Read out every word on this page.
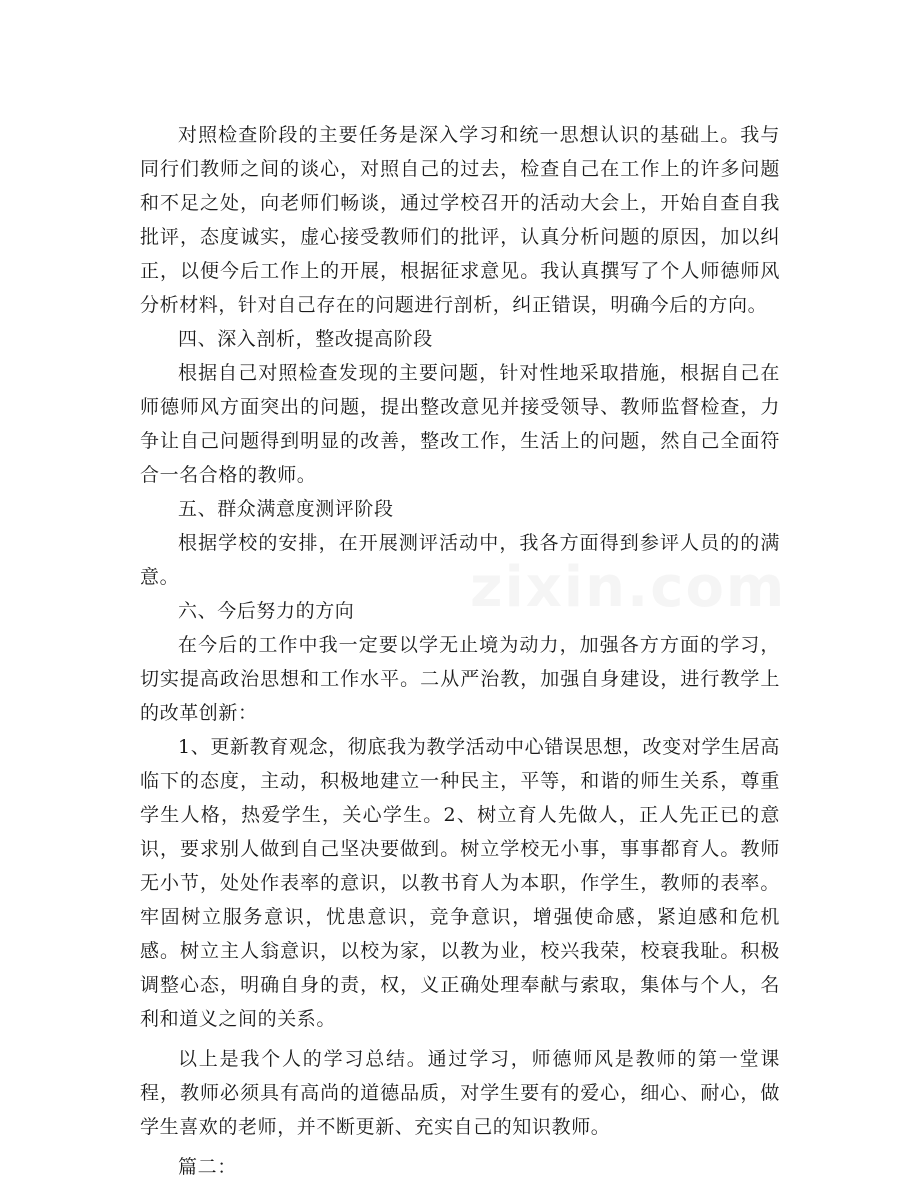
zixin.com

对照检查阶段的主要任务是深入学习和统一思想认识的基础上。我与同行们教师之间的谈心，对照自己的过去，检查自己在工作上的许多问题和不足之处，向老师们畅谈，通过学校召开的活动大会上，开始自查自我批评，态度诚实，虚心接受教师们的批评，认真分析问题的原因，加以纠正，以便今后工作上的开展，根据征求意见。我认真撰写了个人师德师风分析材料，针对自己存在的问题进行剖析，纠正错误，明确今后的方向。

四、深入剖析，整改提高阶段

根据自己对照检查发现的主要问题，针对性地采取措施，根据自己在师德师风方面突出的问题，提出整改意见并接受领导、教师监督检查，力争让自己问题得到明显的改善，整改工作，生活上的问题，然自己全面符合一名合格的教师。

五、群众满意度测评阶段

根据学校的安排，在开展测评活动中，我各方面得到参评人员的的满意。

六、今后努力的方向

在今后的工作中我一定要以学无止境为动力，加强各方方面的学习，切实提高政治思想和工作水平。二从严治教，加强自身建设，进行教学上的改革创新：

1、更新教育观念，彻底我为教学活动中心错误思想，改变对学生居高临下的态度，主动，积极地建立一种民主，平等，和谐的师生关系，尊重学生人格，热爱学生，关心学生。2、树立育人先做人，正人先正已的意识，要求别人做到自己坚决要做到。树立学校无小事，事事都育人。教师无小节，处处作表率的意识，以教书育人为本职，作学生，教师的表率。牢固树立服务意识，忧患意识，竞争意识，增强使命感，紧迫感和危机感。树立主人翁意识，以校为家，以教为业，校兴我荣，校衰我耻。积极调整心态，明确自身的责，权，义正确处理奉献与索取，集体与个人，名利和道义之间的关系。

以上是我个人的学习总结。通过学习，师德师风是教师的第一堂课程，教师必须具有高尚的道德品质，对学生要有的爱心，细心、耐心，做学生喜欢的老师，并不断更新、充实自己的知识教师。

篇二：
